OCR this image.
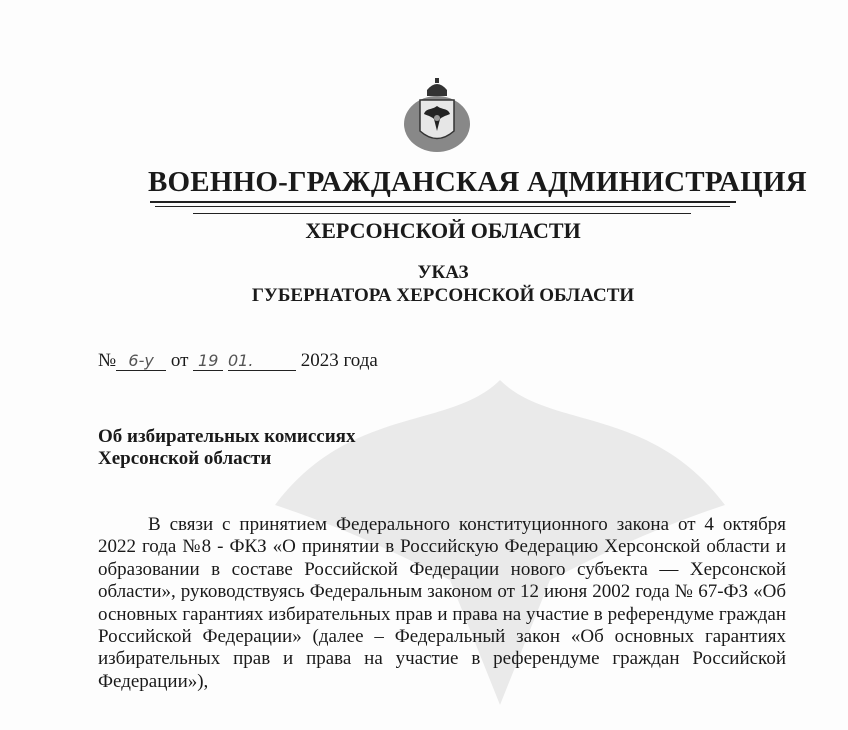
ВОЕННО-ГРАЖДАНСКАЯ АДМИНИСТРАЦИЯ
ХЕРСОНСКОЙ ОБЛАСТИ
УКАЗ
ГУБЕРНАТОРА ХЕРСОНСКОЙ ОБЛАСТИ
№ 6-у от 19 01. 2023 года
Об избирательных комиссиях
Херсонской области
В связи с принятием Федерального конституционного закона от 4 октября 2022 года №8 - ФКЗ «О принятии в Российскую Федерацию Херсонской области и образовании в составе Российской Федерации нового субъекта — Херсонской области», руководствуясь Федеральным законом от 12 июня 2002 года № 67-ФЗ «Об основных гарантиях избирательных прав и права на участие в референдуме граждан Российской Федерации» (далее – Федеральный закон «Об основных гарантиях избирательных прав и права на участие в референдуме граждан Российской Федерации»),
